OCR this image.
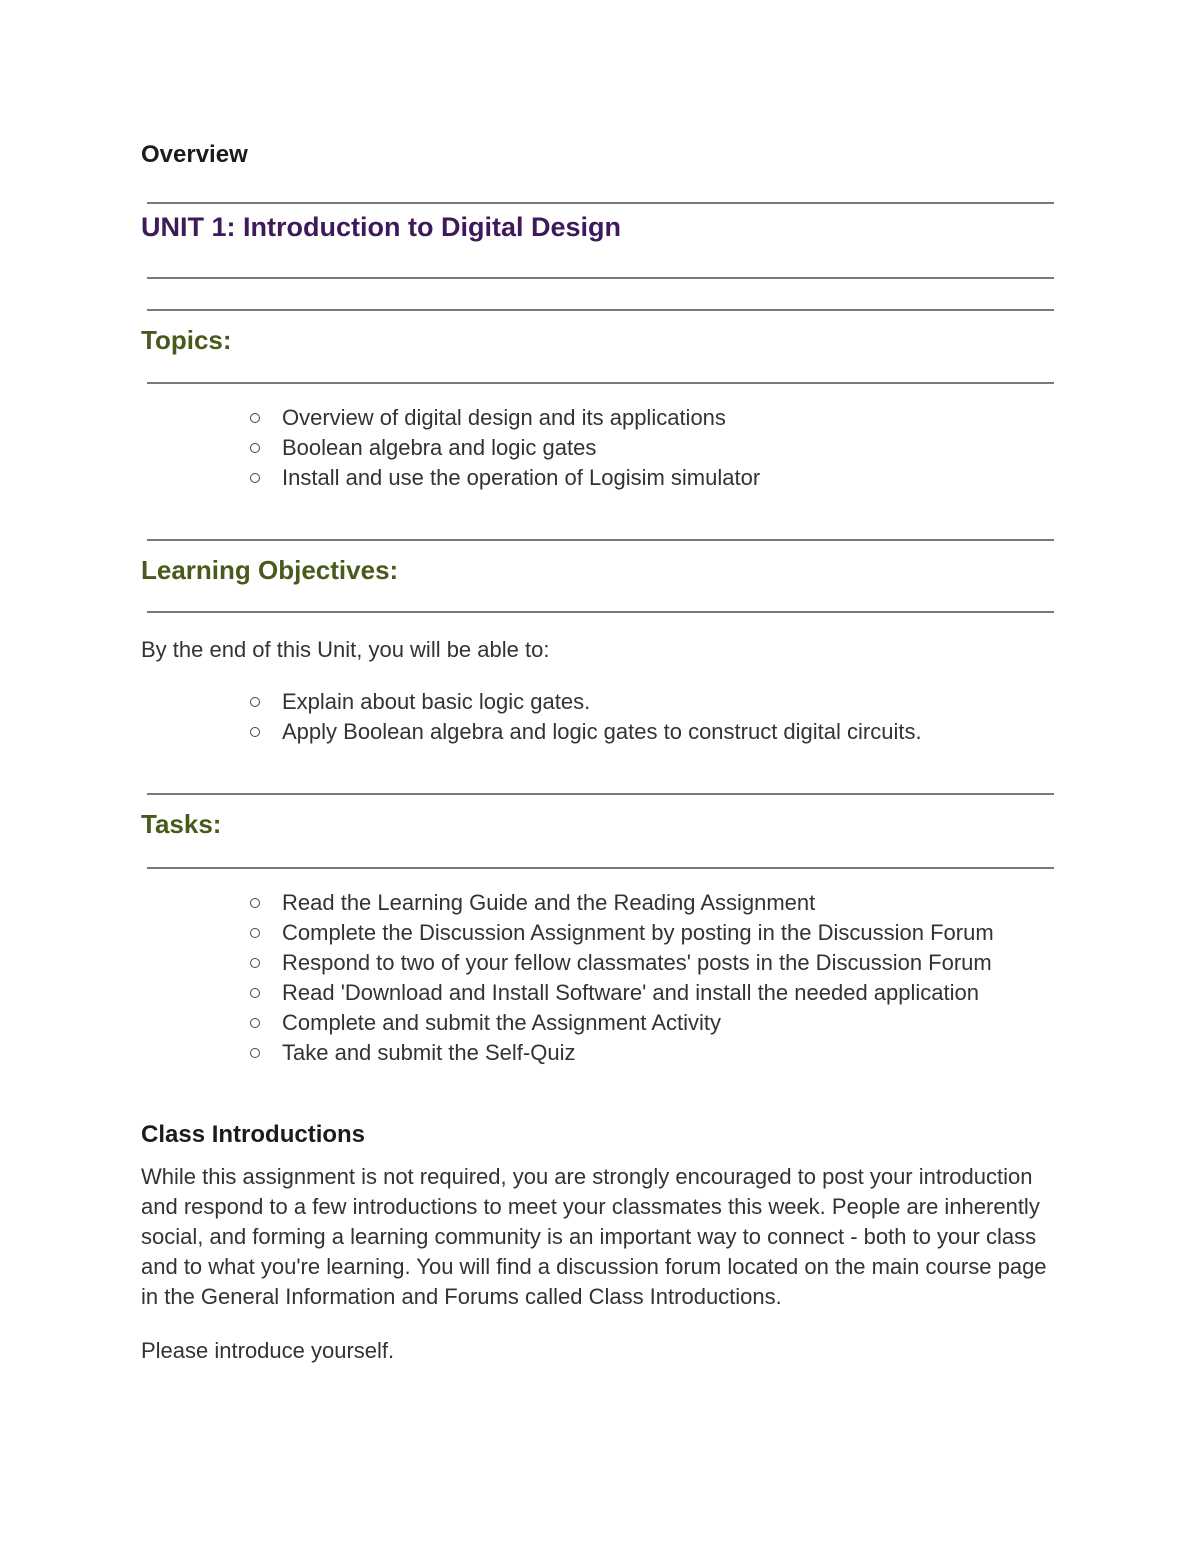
Overview
UNIT 1: Introduction to Digital Design
Topics:
Overview of digital design and its applications
Boolean algebra and logic gates
Install and use the operation of Logisim simulator
Learning Objectives:

By the end of this Unit, you will be able to:

Explain about basic logic gates.
Apply Boolean algebra and logic gates to construct digital circuits.
Tasks:
Read the Learning Guide and the Reading Assignment
Complete the Discussion Assignment by posting in the Discussion Forum
Respond to two of your fellow classmates' posts in the Discussion Forum
Read 'Download and Install Software' and install the needed application
Complete and submit the Assignment Activity
Take and submit the Self-Quiz
Class Introductions

While this assignment is not required, you are strongly encouraged to post your introduction and respond to a few introductions to meet your classmates this week. People are inherently social, and forming a learning community is an important way to connect - both to your class and to what you're learning. You will find a discussion forum located on the main course page in the General Information and Forums called Class Introductions.

Please introduce yourself.
